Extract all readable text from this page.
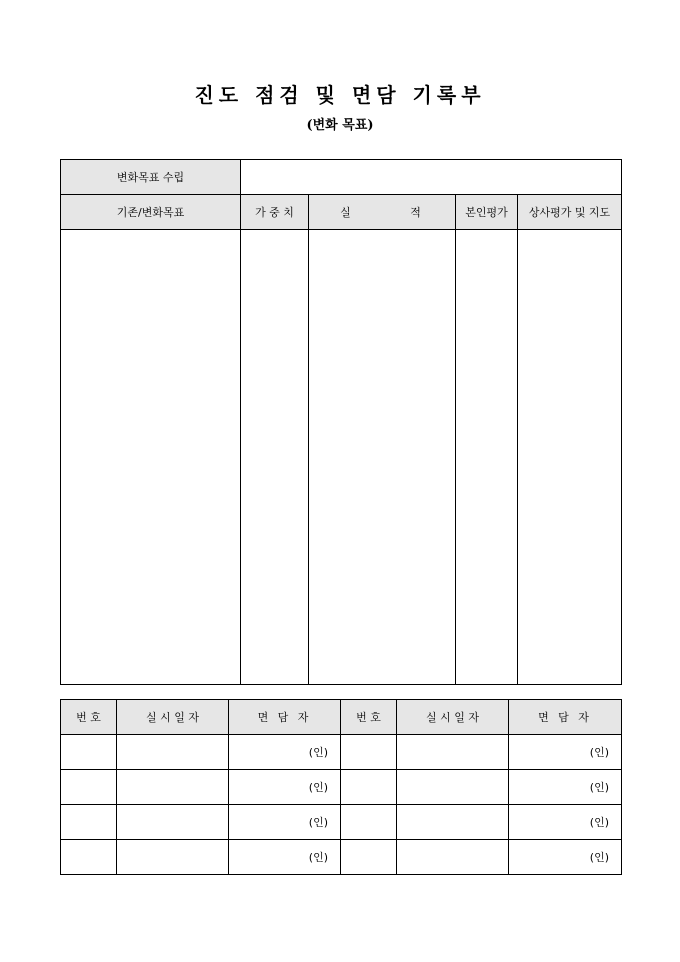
진도 점검 및 면담 기록부
(변화 목표)
변화목표 수립				
기존/변화목표	가 중 치	실 적	본인평가	상사평가 및 지도

번 호	실 시 일 자	면 담 자	번 호	실 시 일 자	면 담 자
		(인)			(인)
		(인)			(인)
		(인)			(인)
		(인)			(인)
